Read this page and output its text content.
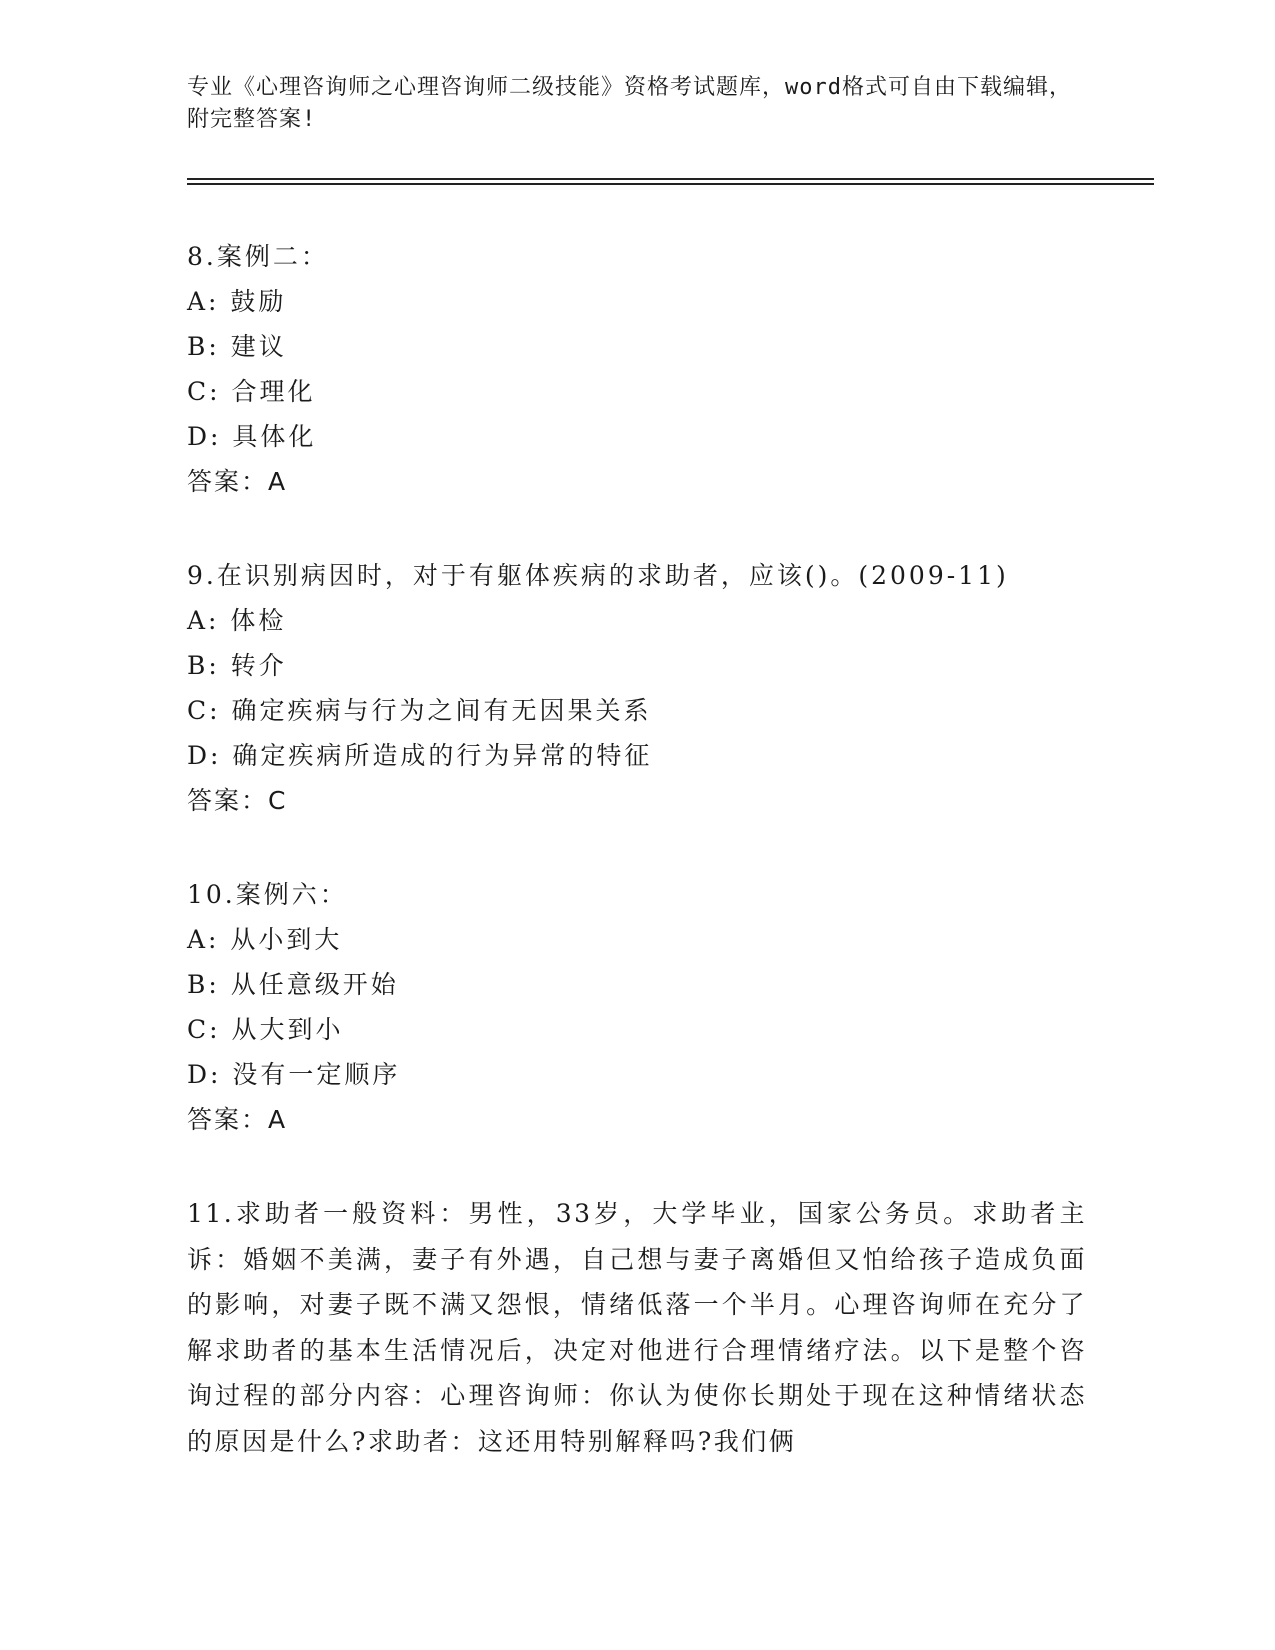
专业《心理咨询师之心理咨询师二级技能》资格考试题库，word格式可自由下载编辑，附完整答案!

8.案例二：

A: 鼓励

B: 建议

C: 合理化

D: 具体化

答案：A

9.在识别病因时，对于有躯体疾病的求助者，应该()。(2009-11)

A: 体检

B: 转介

C: 确定疾病与行为之间有无因果关系

D: 确定疾病所造成的行为异常的特征

答案：C

10.案例六：

A: 从小到大

B: 从任意级开始

C: 从大到小

D: 没有一定顺序

答案：A

11.求助者一般资料：男性，33岁，大学毕业，国家公务员。求助者主诉：婚姻不美满，妻子有外遇，自己想与妻子离婚但又怕给孩子造成负面的影响，对妻子既不满又怨恨，情绪低落一个半月。心理咨询师在充分了解求助者的基本生活情况后，决定对他进行合理情绪疗法。以下是整个咨询过程的部分内容：心理咨询师：你认为使你长期处于现在这种情绪状态的原因是什么?求助者：这还用特别解释吗?我们俩
